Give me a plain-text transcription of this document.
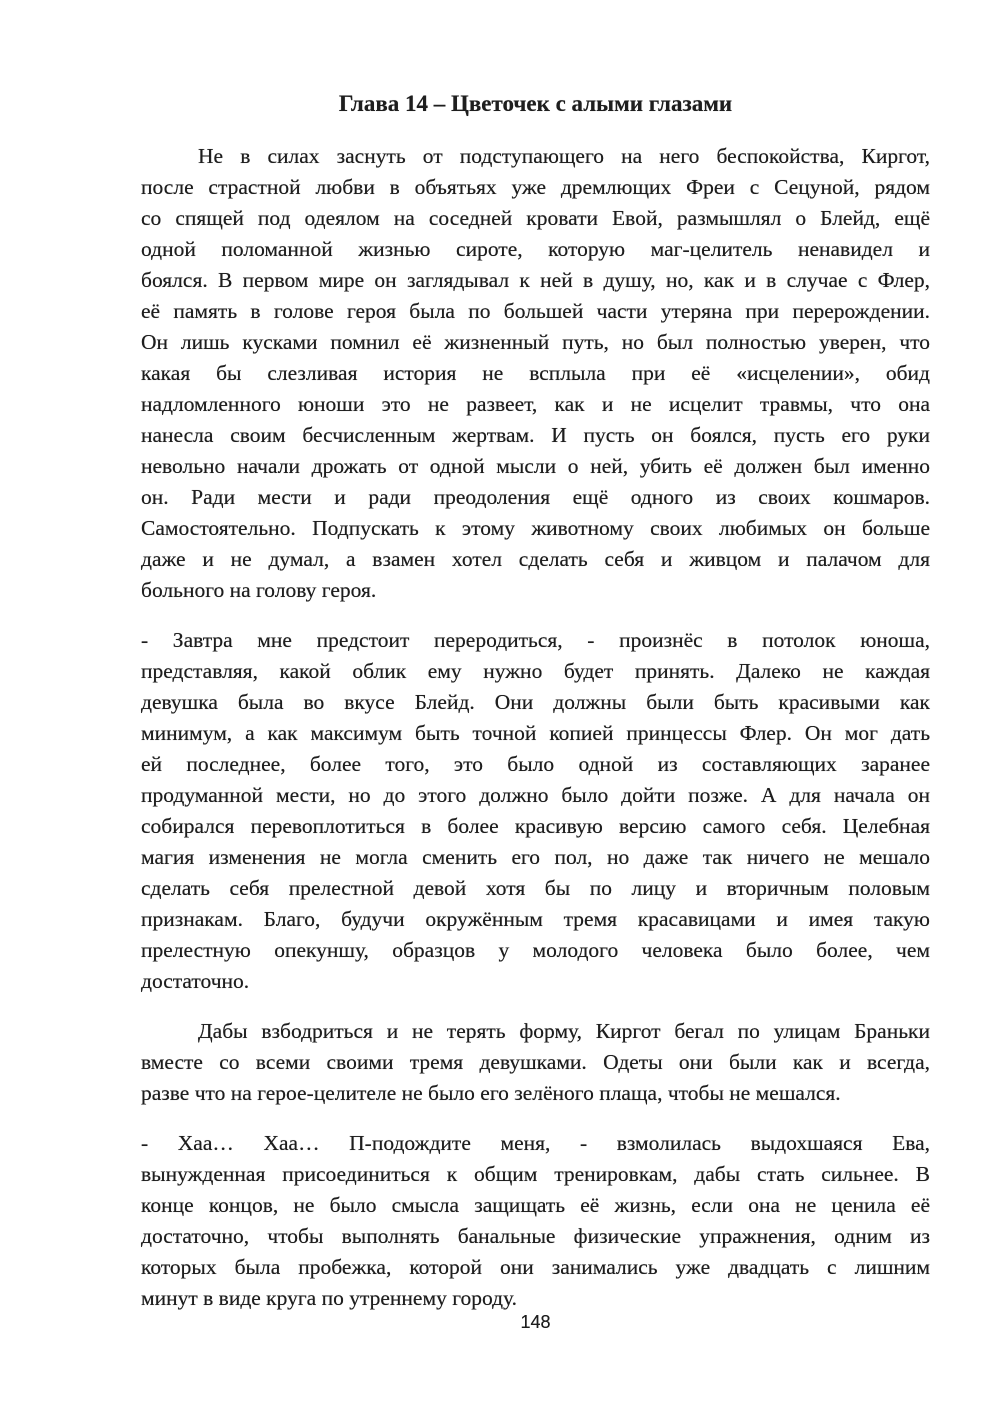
Глава 14 – Цветочек с алыми глазами

Не в силах заснуть от подступающего на него беспокойства, Киргот,
после страстной любви в объятьях уже дремлющих Фреи с Сецуной, рядом
со спящей под одеялом на соседней кровати Евой, размышлял о Блейд, ещё
одной поломанной жизнью сироте, которую маг-целитель ненавидел и
боялся. В первом мире он заглядывал к ней в душу, но, как и в случае с Флер,
её память в голове героя была по большей части утеряна при перерождении.
Он лишь кусками помнил её жизненный путь, но был полностью уверен, что
какая бы слезливая история не всплыла при её «исцелении», обид
надломленного юноши это не развеет, как и не исцелит травмы, что она
нанесла своим бесчисленным жертвам. И пусть он боялся, пусть его руки
невольно начали дрожать от одной мысли о ней, убить её должен был именно
он. Ради мести и ради преодоления ещё одного из своих кошмаров.
Самостоятельно. Подпускать к этому животному своих любимых он больше
даже и не думал, а взамен хотел сделать себя и живцом и палачом для
больного на голову героя.

- Завтра мне предстоит переродиться, - произнёс в потолок юноша,
представляя, какой облик ему нужно будет принять. Далеко не каждая
девушка была во вкусе Блейд. Они должны были быть красивыми как
минимум, а как максимум быть точной копией принцессы Флер. Он мог дать
ей последнее, более того, это было одной из составляющих заранее
продуманной мести, но до этого должно было дойти позже. А для начала он
собирался перевоплотиться в более красивую версию самого себя. Целебная
магия изменения не могла сменить его пол, но даже так ничего не мешало
сделать себя прелестной девой хотя бы по лицу и вторичным половым
признакам. Благо, будучи окружённым тремя красавицами и имея такую
прелестную опекуншу, образцов у молодого человека было более, чем
достаточно.

Дабы взбодриться и не терять форму, Киргот бегал по улицам Браньки
вместе со всеми своими тремя девушками. Одеты они были как и всегда,
разве что на герое-целителе не было его зелёного плаща, чтобы не мешался.

- Хаа… Хаа… П-подождите меня, - взмолилась выдохшаяся Ева,
вынужденная присоединиться к общим тренировкам, дабы стать сильнее. В
конце концов, не было смысла защищать её жизнь, если она не ценила её
достаточно, чтобы выполнять банальные физические упражнения, одним из
которых была пробежка, которой они занимались уже двадцать с лишним
минут в виде круга по утреннему городу.

148
